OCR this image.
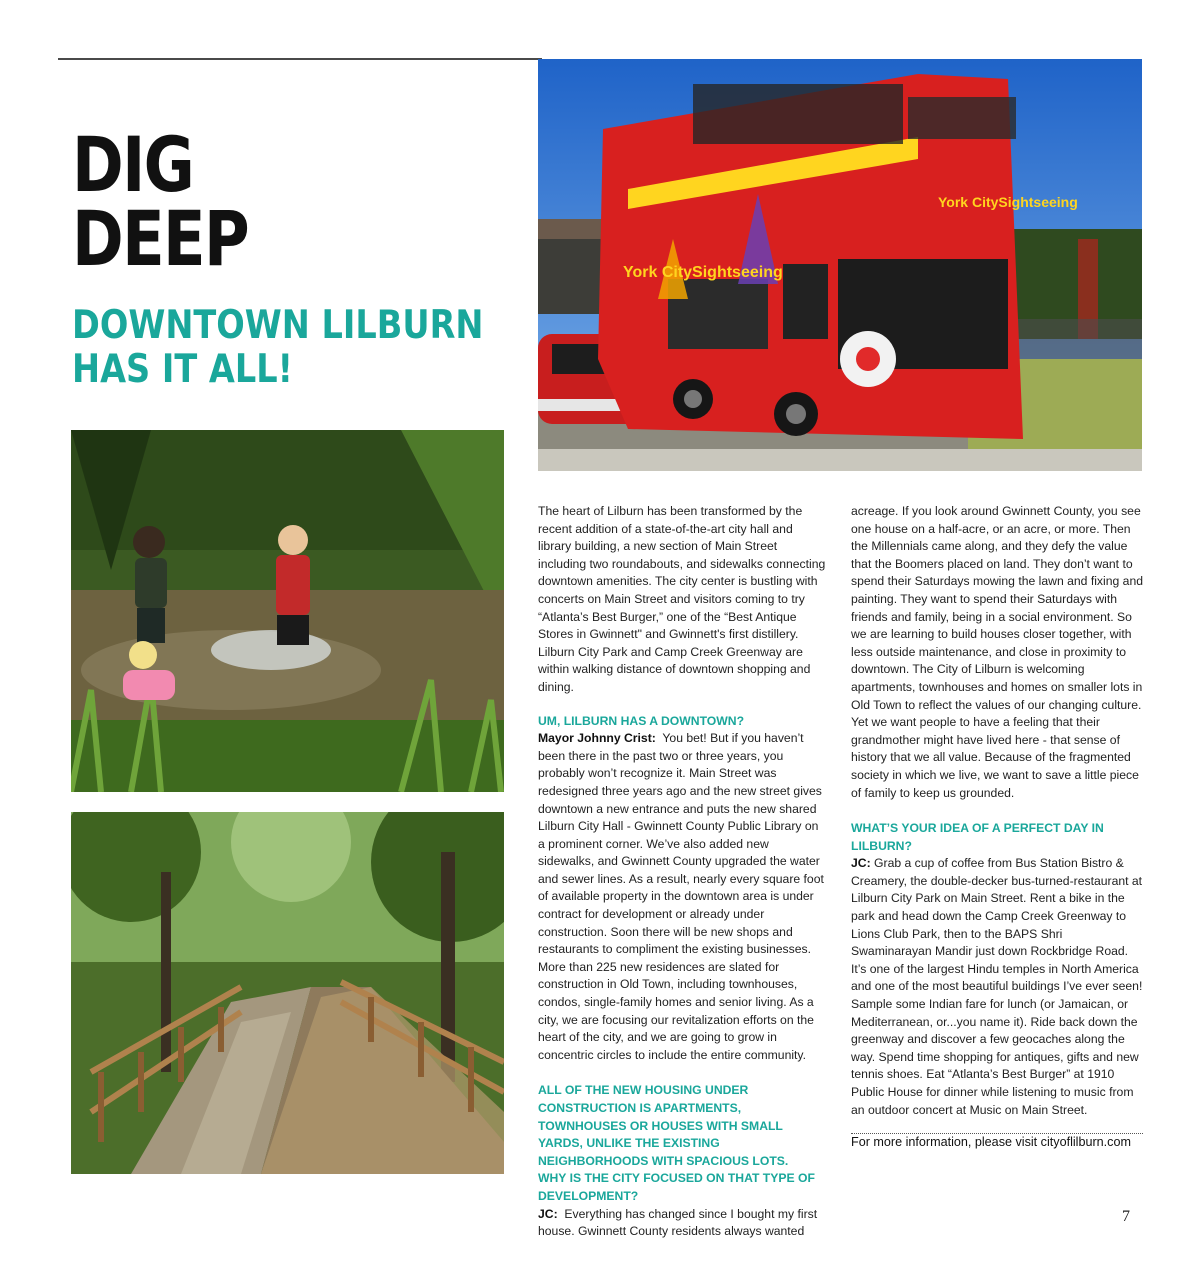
DIG
DEEP
DOWNTOWN LILBURN
HAS IT ALL!
York CitySightseeing
York CitySightseeing

The heart of Lilburn has been transformed by the recent addition of a state-of-the-art city hall and library building, a new section of Main Street including two roundabouts, and sidewalks connecting downtown amenities. The city center is bustling with concerts on Main Street and visitors coming to try “Atlanta’s Best Burger,” one of the “Best Antique Stores in Gwinnett" and Gwinnett's first distillery. Lilburn City Park and Camp Creek Greenway are within walking distance of downtown shopping and dining.

UM, LILBURN HAS A DOWNTOWN?

Mayor Johnny Crist: You bet! But if you haven’t been there in the past two or three years, you probably won’t recognize it. Main Street was redesigned three years ago and the new street gives downtown a new entrance and puts the new shared Lilburn City Hall - Gwinnett County Public Library on a prominent corner. We’ve also added new sidewalks, and Gwinnett County upgraded the water and sewer lines. As a result, nearly every square foot of available property in the downtown area is under contract for development or already under construction. Soon there will be new shops and restaurants to compliment the existing businesses. More than 225 new residences are slated for construction in Old Town, including townhouses, condos, single-family homes and senior living. As a city, we are focusing our revitalization efforts on the heart of the city, and we are going to grow in concentric circles to include the entire community.

ALL OF THE NEW HOUSING UNDER CONSTRUCTION IS APARTMENTS, TOWNHOUSES OR HOUSES WITH SMALL YARDS, UNLIKE THE EXISTING NEIGHBORHOODS WITH SPACIOUS LOTS.
WHY IS THE CITY FOCUSED ON THAT TYPE OF DEVELOPMENT?

JC: Everything has changed since I bought my first house. Gwinnett County residents always wanted

acreage. If you look around Gwinnett County, you see one house on a half-acre, or an acre, or more. Then the Millennials came along, and they defy the value that the Boomers placed on land. They don’t want to spend their Saturdays mowing the lawn and fixing and painting. They want to spend their Saturdays with friends and family, being in a social environment. So we are learning to build houses closer together, with less outside maintenance, and close in proximity to downtown. The City of Lilburn is welcoming apartments, townhouses and homes on smaller lots in Old Town to reflect the values of our changing culture. Yet we want people to have a feeling that their grandmother might have lived here - that sense of history that we all value. Because of the fragmented society in which we live, we want to save a little piece of family to keep us grounded.

WHAT’S YOUR IDEA OF A PERFECT DAY IN LILBURN?

JC: Grab a cup of coffee from Bus Station Bistro & Creamery, the double-decker bus-turned-restaurant at Lilburn City Park on Main Street. Rent a bike in the park and head down the Camp Creek Greenway to Lions Club Park, then to the BAPS Shri Swaminarayan Mandir just down Rockbridge Road. It’s one of the largest Hindu temples in North America and one of the most beautiful buildings I’ve ever seen! Sample some Indian fare for lunch (or Jamaican, or Mediterranean, or...you name it). Ride back down the greenway and discover a few geocaches along the way. Spend time shopping for antiques, gifts and new tennis shoes. Eat “Atlanta’s Best Burger” at 1910 Public House for dinner while listening to music from an outdoor concert at Music on Main Street.

For more information, please visit cityoflilburn.com

7
